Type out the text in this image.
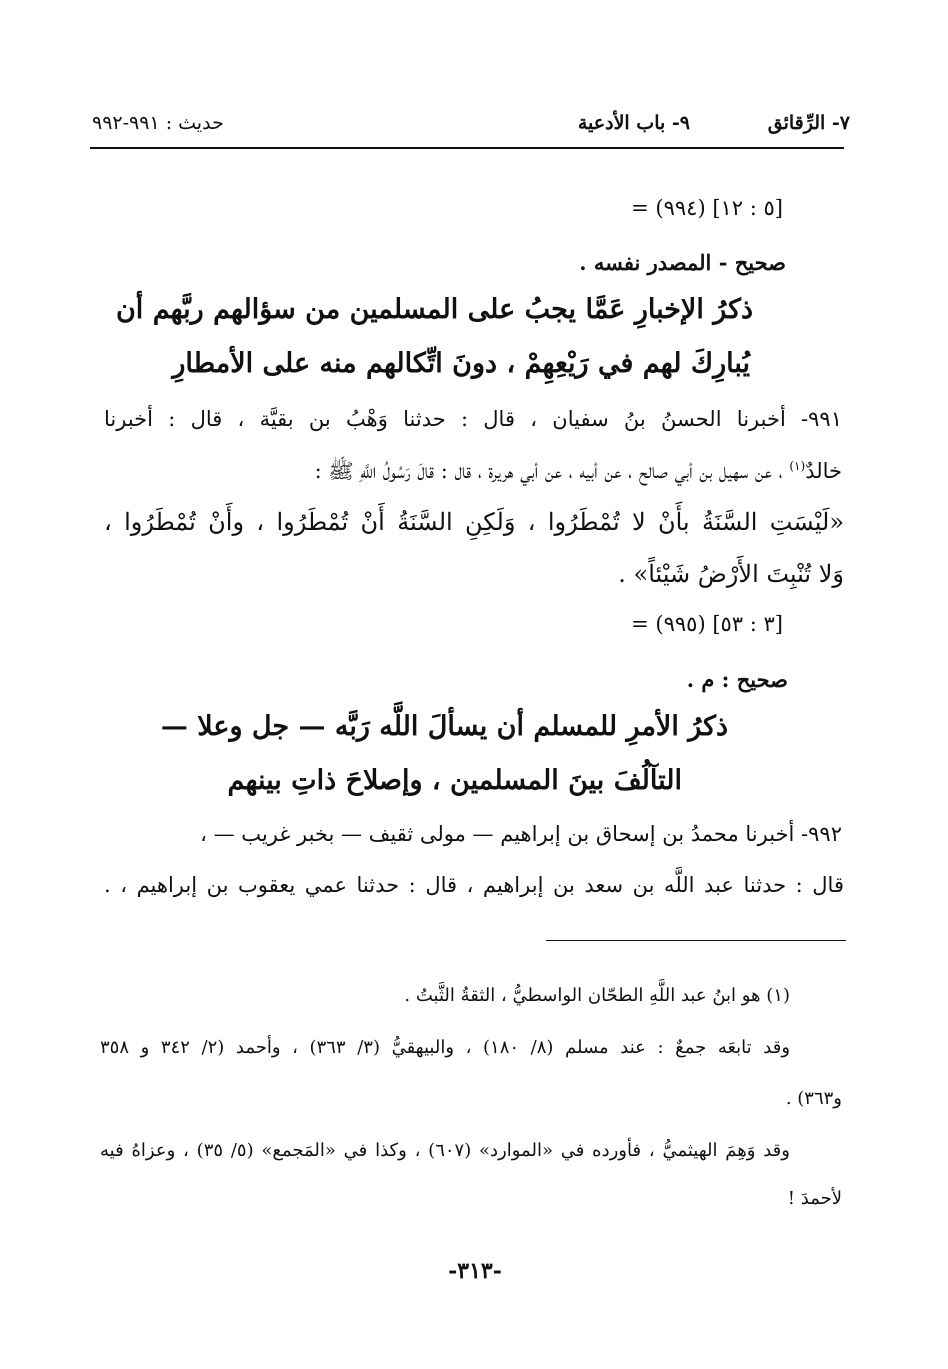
٧- الرِّقائق
٩- باب الأدعية
حديث : ٩٩١-٩٩٢
= (٩٩٤) [٥ : ١٢]
صحيح - المصدر نفسه .
ذكرُ الإخبارِ عَمَّا يجبُ على المسلمين من سؤالهم ربَّهم أن
يُبارِكَ لهم في رَيْعِهِمْ ، دونَ اتِّكالهم منه على الأمطارِ
٩٩١- أخبرنا الحسنُ بنُ سفيان ، قال : حدثنا وَهْبُ بن بقيَّة ، قال : أخبرنا
خالدٌ$^{(١)}$ ، عن سهيل بن أبي صالح ، عن أبيه ، عن أبي هريرة ، قال : قالَ رَسُولُ اللَّهِ ﷺ :
«لَيْسَتِ السَّنَةُ بأَنْ لا تُمْطَرُوا ، وَلَكِنِ السَّنَةُ أَنْ تُمْطَرُوا ، وأَنْ تُمْطَرُوا ،
وَلا تُنْبِتَ الأَرْضُ شَيْئاً» .
= (٩٩٥) [٣ : ٥٣]
صحيح : م .
ذكرُ الأمرِ للمسلم أن يسألَ اللَّه رَبَّه — جل وعلا —
التآلُفَ بينَ المسلمين ، وإصلاحَ ذاتِ بينهم
٩٩٢- أخبرنا محمدُ بن إسحاق بن إبراهيم — مولى ثقيف — بخبر غريب — ،
قال : حدثنا عبد اللَّه بن سعد بن إبراهيم ، قال : حدثنا عمي يعقوب بن إبراهيم ، .
(١) هو ابنُ عبد اللَّهِ الطحّان الواسطيُّ ، الثقةُ الثَّبتُ .
وقد تابعَه جمعٌ : عند مسلم (٨/ ١٨٠) ، والبيهقيُّ (٣/ ٣٦٣) ، وأحمد (٢/ ٣٤٢ و ٣٥٨
و٣٦٣) .
وقد وَهِمَ الهيثميُّ ، فأورده في «الموارد» (٦٠٧) ، وكذا في «المَجمع» (٥/ ٣٥) ، وعزاهُ فيه
لأحمدَ !
-٣١٣-
